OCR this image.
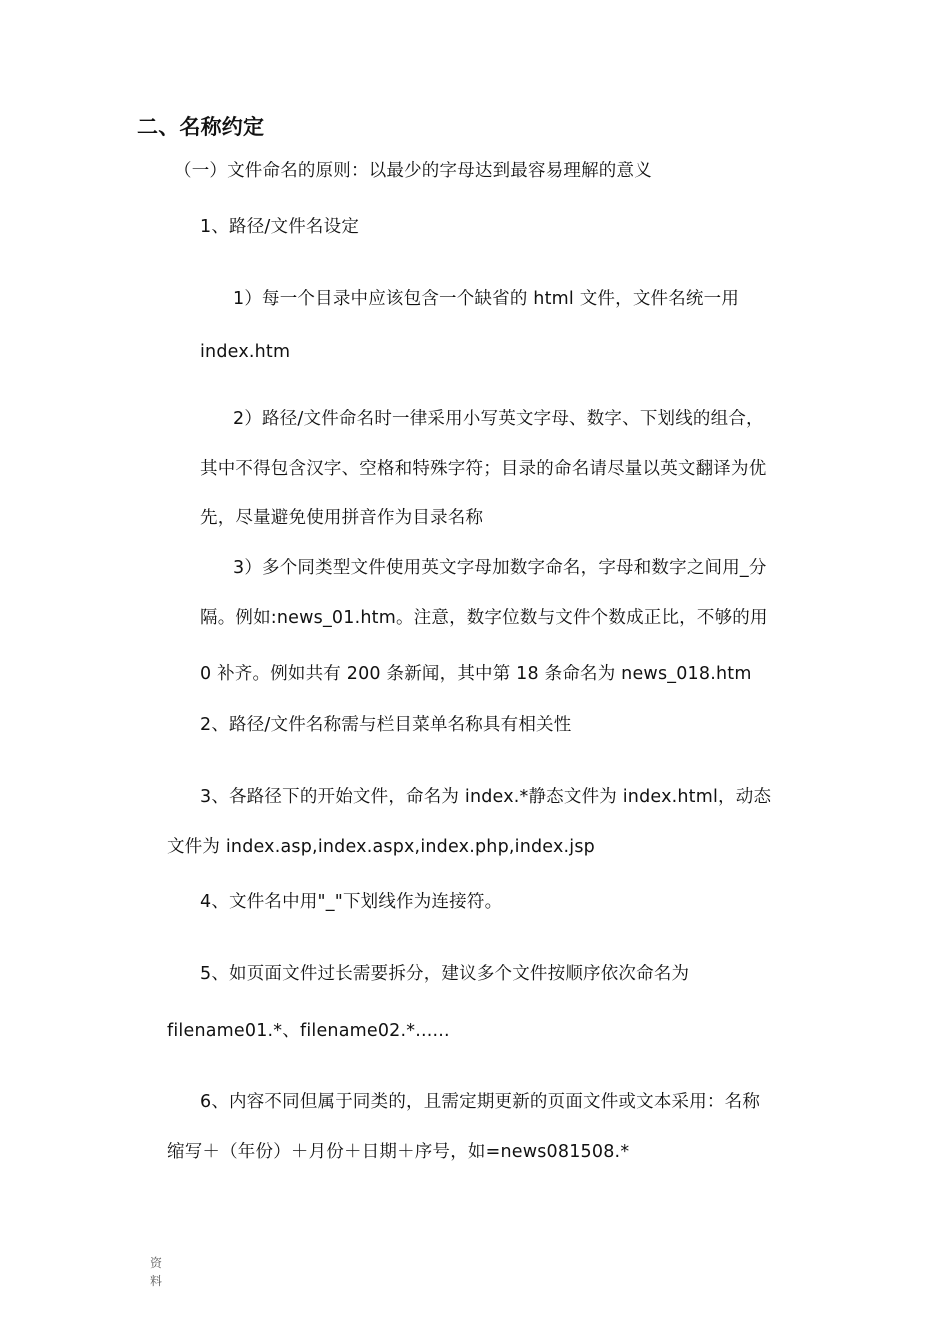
二、名称约定
（一）文件命名的原则：以最少的字母达到最容易理解的意义
1、路径/文件名设定
1）每一个目录中应该包含一个缺省的 html 文件，文件名统一用
index.htm
2）路径/文件命名时一律采用小写英文字母、数字、下划线的组合，
其中不得包含汉字、空格和特殊字符；目录的命名请尽量以英文翻译为优
先，尽量避免使用拼音作为目录名称
3）多个同类型文件使用英文字母加数字命名，字母和数字之间用_分
隔。例如:news_01.htm。注意，数字位数与文件个数成正比，不够的用
0 补齐。例如共有 200 条新闻，其中第 18 条命名为 news_018.htm
2、路径/文件名称需与栏目菜单名称具有相关性
3、各路径下的开始文件，命名为 index.*静态文件为 index.html，动态
文件为 index.asp,index.aspx,index.php,index.jsp
4、文件名中用"_"下划线作为连接符。
5、如页面文件过长需要拆分，建议多个文件按顺序依次命名为
filename01.*、filename02.*......
6、内容不同但属于同类的，且需定期更新的页面文件或文本采用：名称
缩写＋（年份）＋月份＋日期＋序号，如=news081508.*
资料
